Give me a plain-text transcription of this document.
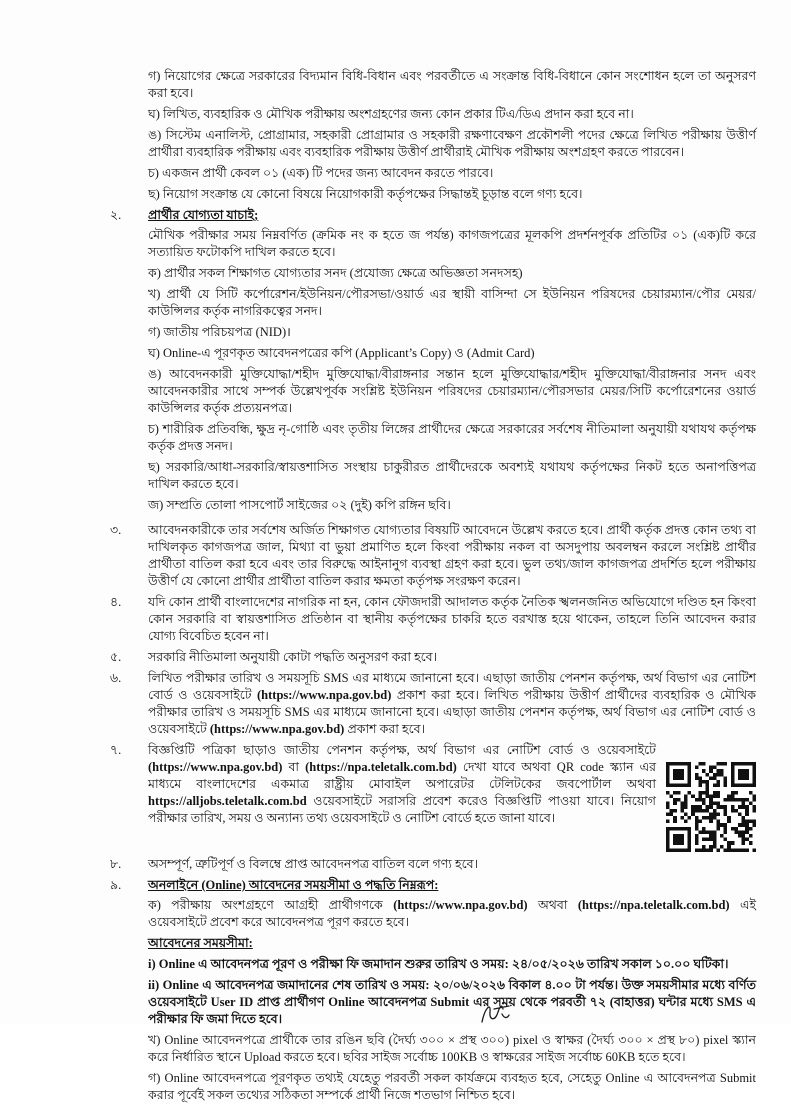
গ) নিয়োগের ক্ষেত্রে সরকারের বিদ্যমান বিধি-বিধান এবং পরবর্তীতে এ সংক্রান্ত বিধি-বিধানে কোন সংশোধন হলে তা অনুসরণ করা হবে।
ঘ) লিখিত, ব্যবহারিক ও মৌখিক পরীক্ষায় অংশগ্রহণের জন্য কোন প্রকার টিএ/ডিএ প্রদান করা হবে না।
ঙ) সিস্টেম এনালিস্ট, প্রোগ্রামার, সহকারী প্রোগ্রামার ও সহকারী রক্ষণাবেক্ষণ প্রকৌশলী পদের ক্ষেত্রে লিখিত পরীক্ষায় উত্তীর্ণ প্রার্থীরা ব্যবহারিক পরীক্ষায় এবং ব্যবহারিক পরীক্ষায় উত্তীর্ণ প্রার্থীরাই মৌখিক পরীক্ষায় অংশগ্রহণ করতে পারবেন।
চ) একজন প্রার্থী কেবল ০১ (এক) টি পদের জন্য আবেদন করতে পারবে।
ছ) নিয়োগ সংক্রান্ত যে কোনো বিষয়ে নিয়োগকারী কর্তৃপক্ষের সিদ্ধান্তই চূড়ান্ত বলে গণ্য হবে।
২.	প্রার্থীর যোগ্যতা যাচাই;
মৌখিক পরীক্ষার সময় নিম্নবর্ণিত (ক্রমিক নং ক হতে জ পর্যন্ত) কাগজপত্রের মূলকপি প্রদর্শনপূর্বক প্রতিটির ০১ (এক)টি করে সত্যায়িত ফটোকপি দাখিল করতে হবে।
ক) প্রার্থীর সকল শিক্ষাগত যোগ্যতার সনদ (প্রযোজ্য ক্ষেত্রে অভিজ্ঞতা সনদসহ)
খ) প্রার্থী যে সিটি কর্পোরেশন/ইউনিয়ন/পৌরসভা/ওয়ার্ড এর স্থায়ী বাসিন্দা সে ইউনিয়ন পরিষদের চেয়ারম্যান/পৌর মেয়র/কাউন্সিলর কর্তৃক নাগরিকত্বের সনদ।
গ) জাতীয় পরিচয়পত্র (NID)।
ঘ) Online-এ পূরণকৃত আবেদনপত্রের কপি (Applicant’s Copy) ও (Admit Card)
ঙ) আবেদনকারী মুক্তিযোদ্ধা/শহীদ মুক্তিযোদ্ধা/বীরাঙ্গনার সন্তান হলে মুক্তিযোদ্ধার/শহীদ মুক্তিযোদ্ধা/বীরাঙ্গনার সনদ এবং আবেদনকারীর সাথে সম্পর্ক উল্লেখপূর্বক সংশ্লিষ্ট ইউনিয়ন পরিষদের চেয়ারম্যান/পৌরসভার মেয়র/সিটি কর্পোরেশনের ওয়ার্ড কাউন্সিলর কর্তৃক প্রত্যয়নপত্র।
চ) শারীরিক প্রতিবন্ধি, ক্ষুদ্র নৃ-গোষ্ঠি এবং তৃতীয় লিঙ্গের প্রার্থীদের ক্ষেত্রে সরকারের সর্বশেষ নীতিমালা অনুযায়ী যথাযথ কর্তৃপক্ষ কর্তৃক প্রদত্ত সনদ।
ছ) সরকারি/আধা-সরকারি/স্বায়ত্তশাসিত সংস্থায় চাকুরীরত প্রার্থীদেরকে অবশ্যই যথাযথ কর্তৃপক্ষের নিকট হতে অনাপত্তিপত্র দাখিল করতে হবে।
জ) সম্প্রতি তোলা পাসপোর্ট সাইজের ০২ (দুই) কপি রঙ্গিন ছবি।
৩.	আবেদনকারীকে তার সর্বশেষ অর্জিত শিক্ষাগত যোগ্যতার বিষয়টি আবেদনে উল্লেখ করতে হবে। প্রার্থী কর্তৃক প্রদত্ত কোন তথ্য বা দাখিলকৃত কাগজপত্র জাল, মিথ্যা বা ভুয়া প্রমাণিত হলে কিংবা পরীক্ষায় নকল বা অসদুপায় অবলম্বন করলে সংশ্লিষ্ট প্রার্থীর প্রার্থীতা বাতিল করা হবে এবং তার বিরুদ্ধে আইনানুগ ব্যবস্থা গ্রহণ করা হবে। ভুল তথ্য/জাল কাগজপত্র প্রদর্শিত হলে পরীক্ষায় উত্তীর্ণ যে কোনো প্রার্থীর প্রার্থীতা বাতিল করার ক্ষমতা কর্তৃপক্ষ সংরক্ষণ করেন।
৪.	যদি কোন প্রার্থী বাংলাদেশের নাগরিক না হন, কোন ফৌজদারী আদালত কর্তৃক নৈতিক স্খলনজনিত অভিযোগে দণ্ডিত হন কিংবা কোন সরকারি বা স্বায়ত্তশাসিত প্রতিষ্ঠান বা স্থানীয় কর্তৃপক্ষের চাকরি হতে বরখাস্ত হয়ে থাকেন, তাহলে তিনি আবেদন করার যোগ্য বিবেচিত হবেন না।
৫.	সরকারি নীতিমালা অনুযায়ী কোটা পদ্ধতি অনুসরণ করা হবে।
৬.	লিখিত পরীক্ষার তারিখ ও সময়সূচি SMS এর মাধ্যমে জানানো হবে। এছাড়া জাতীয় পেনশন কর্তৃপক্ষ, অর্থ বিভাগ এর নোটিশ বোর্ড ও ওয়েবসাইটে (https://www.npa.gov.bd) প্রকাশ করা হবে। লিখিত পরীক্ষায় উত্তীর্ণ প্রার্থীদের ব্যবহারিক ও মৌখিক পরীক্ষার তারিখ ও সময়সূচি SMS এর মাধ্যমে জানানো হবে। এছাড়া জাতীয় পেনশন কর্তৃপক্ষ, অর্থ বিভাগ এর নোটিশ বোর্ড ও ওয়েবসাইটে (https://www.npa.gov.bd) প্রকাশ করা হবে।
৭.	বিজ্ঞপ্তিটি পত্রিকা ছাড়াও জাতীয় পেনশন কর্তৃপক্ষ, অর্থ বিভাগ এর নোটিশ বোর্ড ও ওয়েবসাইটে (https://www.npa.gov.bd) বা (https://npa.teletalk.com.bd) দেখা যাবে অথবা QR code স্ক্যান এর মাধ্যমে বাংলাদেশের একমাত্র রাষ্ট্রীয় মোবাইল অপারেটর টেলিটকের জবপোর্টাল অথবা https://alljobs.teletalk.com.bd ওয়েবসাইটে সরাসরি প্রবেশ করেও বিজ্ঞপ্তিটি পাওয়া যাবে। নিয়োগ পরীক্ষার তারিখ, সময় ও অন্যান্য তথ্য ওয়েবসাইটে ও নোটিশ বোর্ডে হতে জানা যাবে।
৮.	অসম্পূর্ণ, ত্রুটিপূর্ণ ও বিলম্বে প্রাপ্ত আবেদনপত্র বাতিল বলে গণ্য হবে।
৯.	অনলাইনে (Online) আবেদনের সময়সীমা ও পদ্ধতি নিম্নরূপ:
ক) পরীক্ষায় অংশগ্রহণে আগ্রহী প্রার্থীগণকে (https://www.npa.gov.bd) অথবা (https://npa.teletalk.com.bd) এই ওয়েবসাইটে প্রবেশ করে আবেদনপত্র পূরণ করতে হবে।
আবেদনের সময়সীমা:
i) Online এ আবেদনপত্র পূরণ ও পরীক্ষা ফি জমাদান শুরুর তারিখ ও সময়: ২৪/০৫/২০২৬ তারিখ সকাল ১০.০০ ঘটিকা।
ii) Online এ আবেদনপত্র জমাদানের শেষ তারিখ ও সময়: ২০/০৬/২০২৬ বিকাল ৪.০০ টা পর্যন্ত। উক্ত সময়সীমার মধ্যে বর্ণিত ওয়েবসাইটে User ID প্রাপ্ত প্রার্থীগণ Online আবেদনপত্র Submit এর সময় থেকে পরবর্তী ৭২ (বাহাত্তর) ঘন্টার মধ্যে SMS এ পরীক্ষার ফি জমা দিতে হবে।
খ) Online আবেদনপত্রে প্রার্থীকে তার রঙিন ছবি (দৈর্ঘ্য ৩০০ × প্রস্থ ৩০০) pixel ও স্বাক্ষর (দৈর্ঘ্য ৩০০ × প্রস্থ ৮০) pixel স্ক্যান করে নির্ধারিত স্থানে Upload করতে হবে। ছবির সাইজ সর্বোচ্চ 100KB ও স্বাক্ষরের সাইজ সর্বোচ্চ 60KB হতে হবে।
গ) Online আবেদনপত্রে পূরণকৃত তথ্যই যেহেতু পরবর্তী সকল কার্যক্রমে ব্যবহৃত হবে, সেহেতু Online এ আবেদনপত্র Submit করার পূর্বেই সকল তথ্যের সঠিকতা সম্পর্কে প্রার্থী নিজে শতভাগ নিশ্চিত হবে।
